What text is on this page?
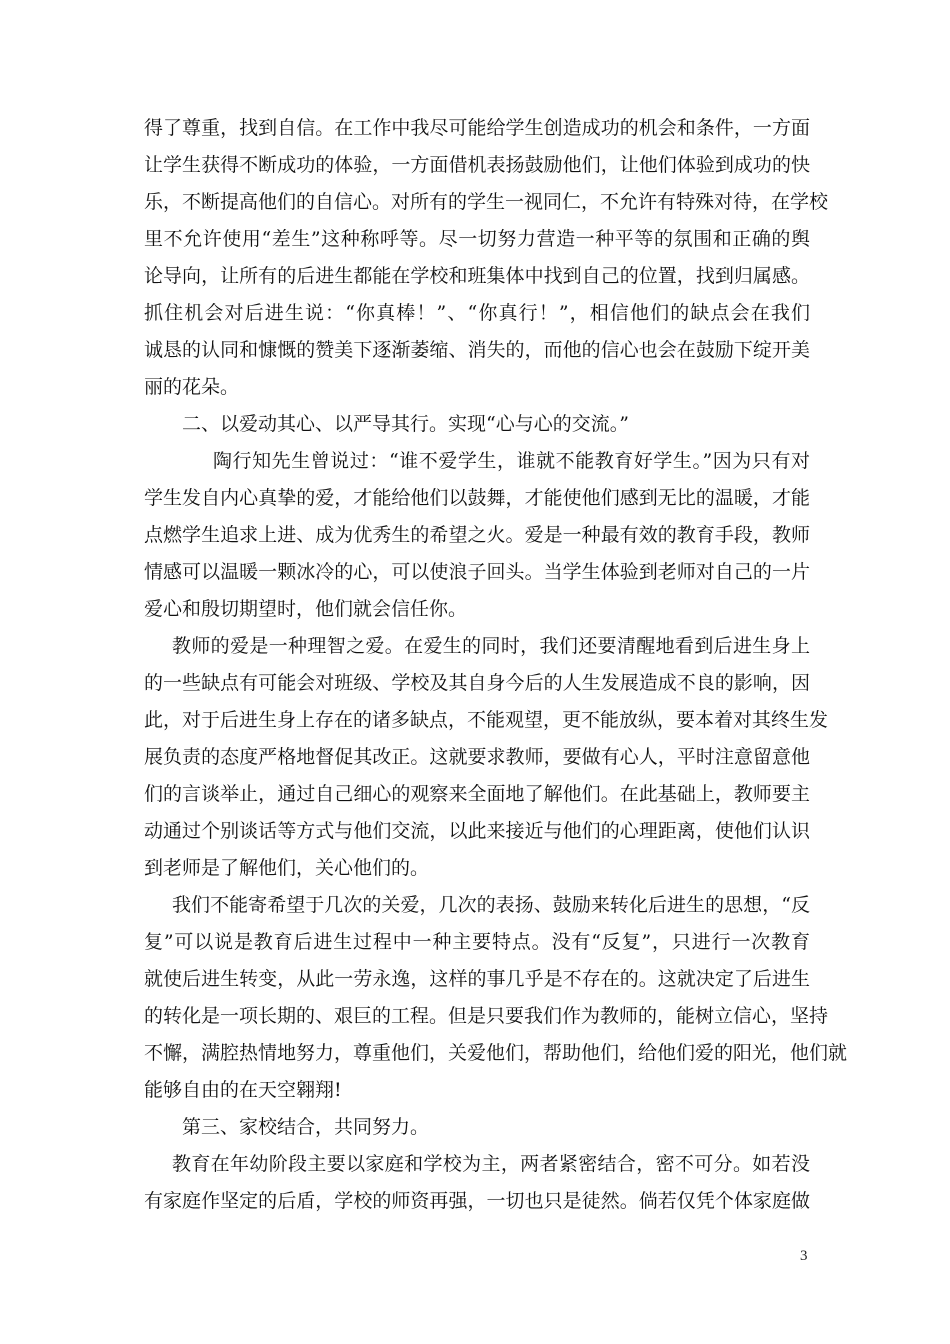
得了尊重，找到自信。在工作中我尽可能给学生创造成功的机会和条件，一方面
让学生获得不断成功的体验，一方面借机表扬鼓励他们，让他们体验到成功的快
乐，不断提高他们的自信心。对所有的学生一视同仁，不允许有特殊对待，在学校
里不允许使用“差生”这种称呼等。尽一切努力营造一种平等的氛围和正确的舆
论导向，让所有的后进生都能在学校和班集体中找到自己的位置，找到归属感。
抓住机会对后进生说：“你真棒！”、“你真行！”，相信他们的缺点会在我们
诚恳的认同和慷慨的赞美下逐渐萎缩、消失的，而他的信心也会在鼓励下绽开美
丽的花朵。
二、以爱动其心、以严导其行。实现“心与心的交流。”
陶行知先生曾说过：“谁不爱学生，谁就不能教育好学生。”因为只有对
学生发自内心真挚的爱，才能给他们以鼓舞，才能使他们感到无比的温暖，才能
点燃学生追求上进、成为优秀生的希望之火。爱是一种最有效的教育手段，教师
情感可以温暖一颗冰冷的心，可以使浪子回头。当学生体验到老师对自己的一片
爱心和殷切期望时，他们就会信任你。
教师的爱是一种理智之爱。在爱生的同时，我们还要清醒地看到后进生身上
的一些缺点有可能会对班级、学校及其自身今后的人生发展造成不良的影响，因
此，对于后进生身上存在的诸多缺点，不能观望，更不能放纵，要本着对其终生发
展负责的态度严格地督促其改正。这就要求教师，要做有心人，平时注意留意他
们的言谈举止，通过自己细心的观察来全面地了解他们。在此基础上，教师要主
动通过个别谈话等方式与他们交流，以此来接近与他们的心理距离，使他们认识
到老师是了解他们，关心他们的。
我们不能寄希望于几次的关爱，几次的表扬、鼓励来转化后进生的思想，“反
复”可以说是教育后进生过程中一种主要特点。没有“反复”，只进行一次教育
就使后进生转变，从此一劳永逸，这样的事几乎是不存在的。这就决定了后进生
的转化是一项长期的、艰巨的工程。但是只要我们作为教师的，能树立信心，坚持
不懈，满腔热情地努力，尊重他们，关爱他们，帮助他们，给他们爱的阳光，他们就
能够自由的在天空翱翔!
第三、家校结合，共同努力。
教育在年幼阶段主要以家庭和学校为主，两者紧密结合，密不可分。如若没
有家庭作坚定的后盾，学校的师资再强，一切也只是徒然。倘若仅凭个体家庭做
3
